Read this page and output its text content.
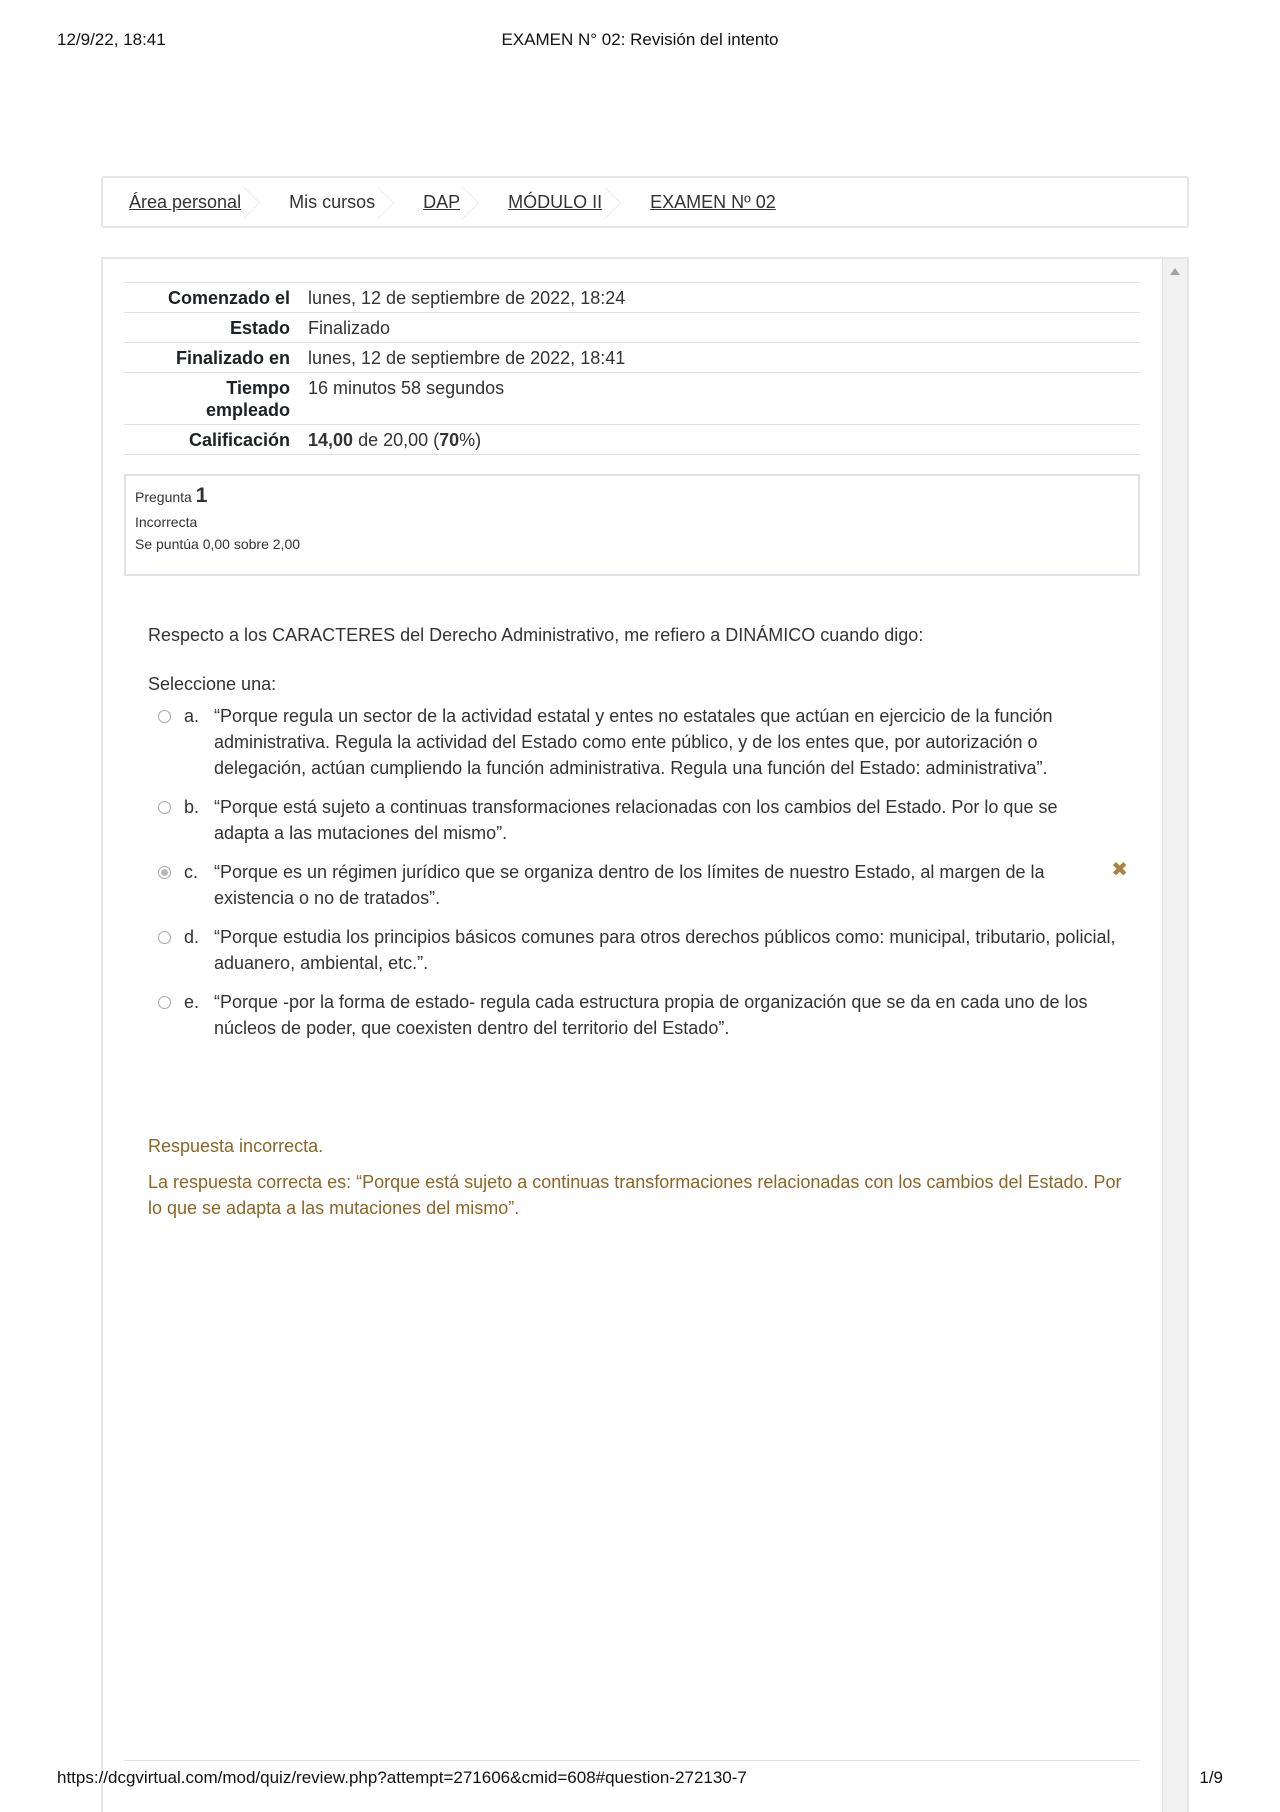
12/9/22, 18:41	EXAMEN N° 02: Revisión del intento
Área personal	Mis cursos	DAP	MÓDULO II	EXAMEN Nº 02
Comenzado el	lunes, 12 de septiembre de 2022, 18:24
Estado	Finalizado
Finalizado en	lunes, 12 de septiembre de 2022, 18:41
Tiempo
empleado	16 minutos 58 segundos
Calificación	14,00 de 20,00 (70%)
Pregunta 1
Incorrecta
Se puntúa 0,00 sobre 2,00
Respecto a los CARACTERES del Derecho Administrativo, me refiero a DINÁMICO cuando digo:
Seleccione una:
a. “Porque regula un sector de la actividad estatal y entes no estatales que actúan en ejercicio de la función administrativa. Regula la actividad del Estado como ente público, y de los entes que, por autorización o delegación, actúan cumpliendo la función administrativa. Regula una función del Estado: administrativa”.
b. “Porque está sujeto a continuas transformaciones relacionadas con los cambios del Estado. Por lo que se adapta a las mutaciones del mismo”.
c. “Porque es un régimen jurídico que se organiza dentro de los límites de nuestro Estado, al margen de la existencia o no de tratados”.
✖
d. “Porque estudia los principios básicos comunes para otros derechos públicos como: municipal, tributario, policial, aduanero, ambiental, etc.”.
e. “Porque -por la forma de estado- regula cada estructura propia de organización que se da en cada uno de los núcleos de poder, que coexisten dentro del territorio del Estado”.
Respuesta incorrecta.
La respuesta correcta es: “Porque está sujeto a continuas transformaciones relacionadas con los cambios del Estado. Por lo que se adapta a las mutaciones del mismo”.
https://dcgvirtual.com/mod/quiz/review.php?attempt=271606&cmid=608#question-272130-7	1/9
